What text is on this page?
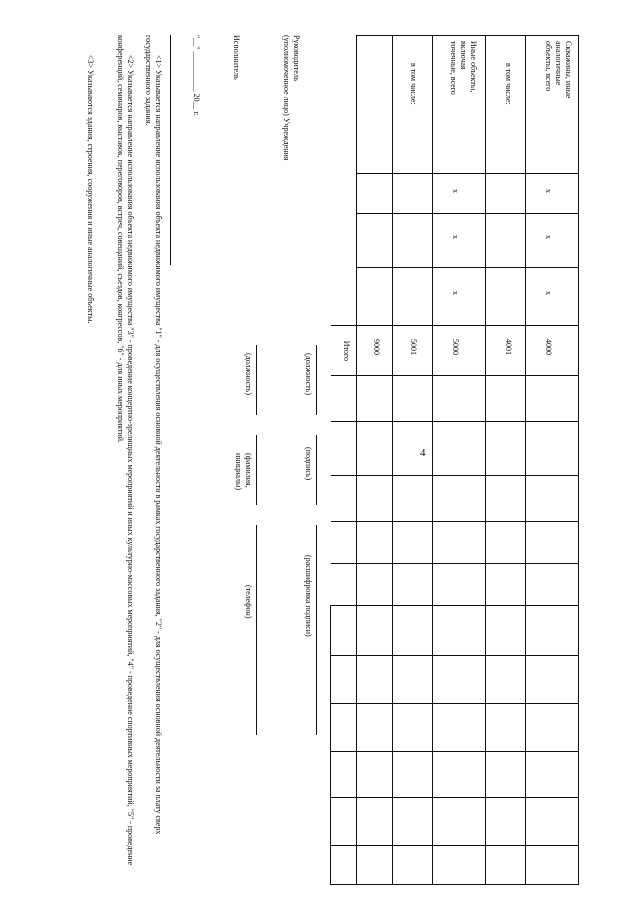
4
Скважины, иные аналогичные объекты, всего
х
х
х
4000
в том числе:
4001
Иные объекты, включая точечные, всего
х
х
х
5000
в том числе:
5001
Итого	9000
Руководитель
(уполномоченное лицо) Учреждения
(должность)
(подпись)
(расшифровка подписи)
Исполнитель
(должность)
(фамилия, инициалы)
(телефон)
"__" __________ 20__ г.
<1> Указывается направление использования объекта недвижимого имущества "1" - для осуществления основной деятельности в рамках государственного задания, "2" - для осуществления основной деятельности за плату сверх государственного задания.
<2> Указывается направление использования объекта недвижимого имущества "3" - проведение концертно-зрелищных мероприятий и иных культурно-массовых мероприятий, "4" - проведение спортивных мероприятий, "5" - проведение конференций, семинаров, выставок, переговоров, встреч, совещаний, съездов, конгрессов, "6" - для иных мероприятий.
<3> Указываются здания, строения, сооружения и иные аналогичные объекты.
